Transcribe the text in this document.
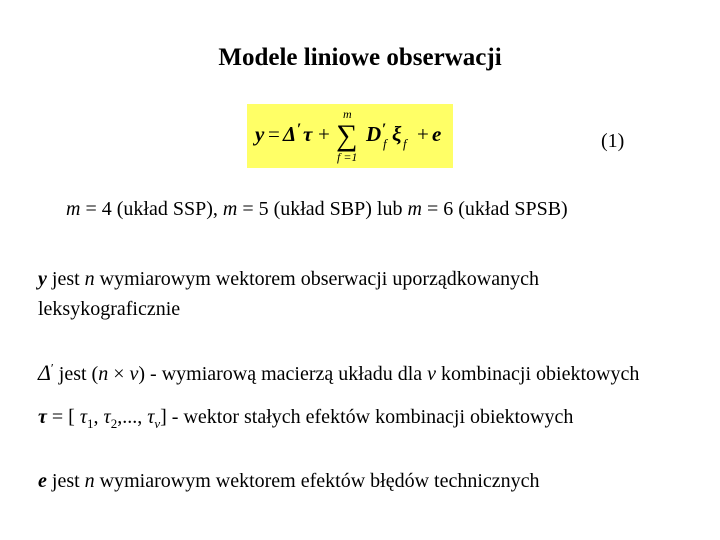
Modele liniowe obserwacji
y = Δ ′ τ +
m
∑
f =1
D ′
f ξ f + e	(1)
m = 4 (układ SSP), m = 5 (układ SBP) lub m = 6 (układ SPSB)
y jest n wymiarowym wektorem obserwacji uporządkowanych
leksykograficznie
Δ′ jest (n × v) - wymiarową macierzą układu dla v kombinacji obiektowych
τ = [ $\tau_1$, $\tau_2$,..., $\tau_v$] - wektor stałych efektów kombinacji obiektowych
e jest n wymiarowym wektorem efektów błędów technicznych
